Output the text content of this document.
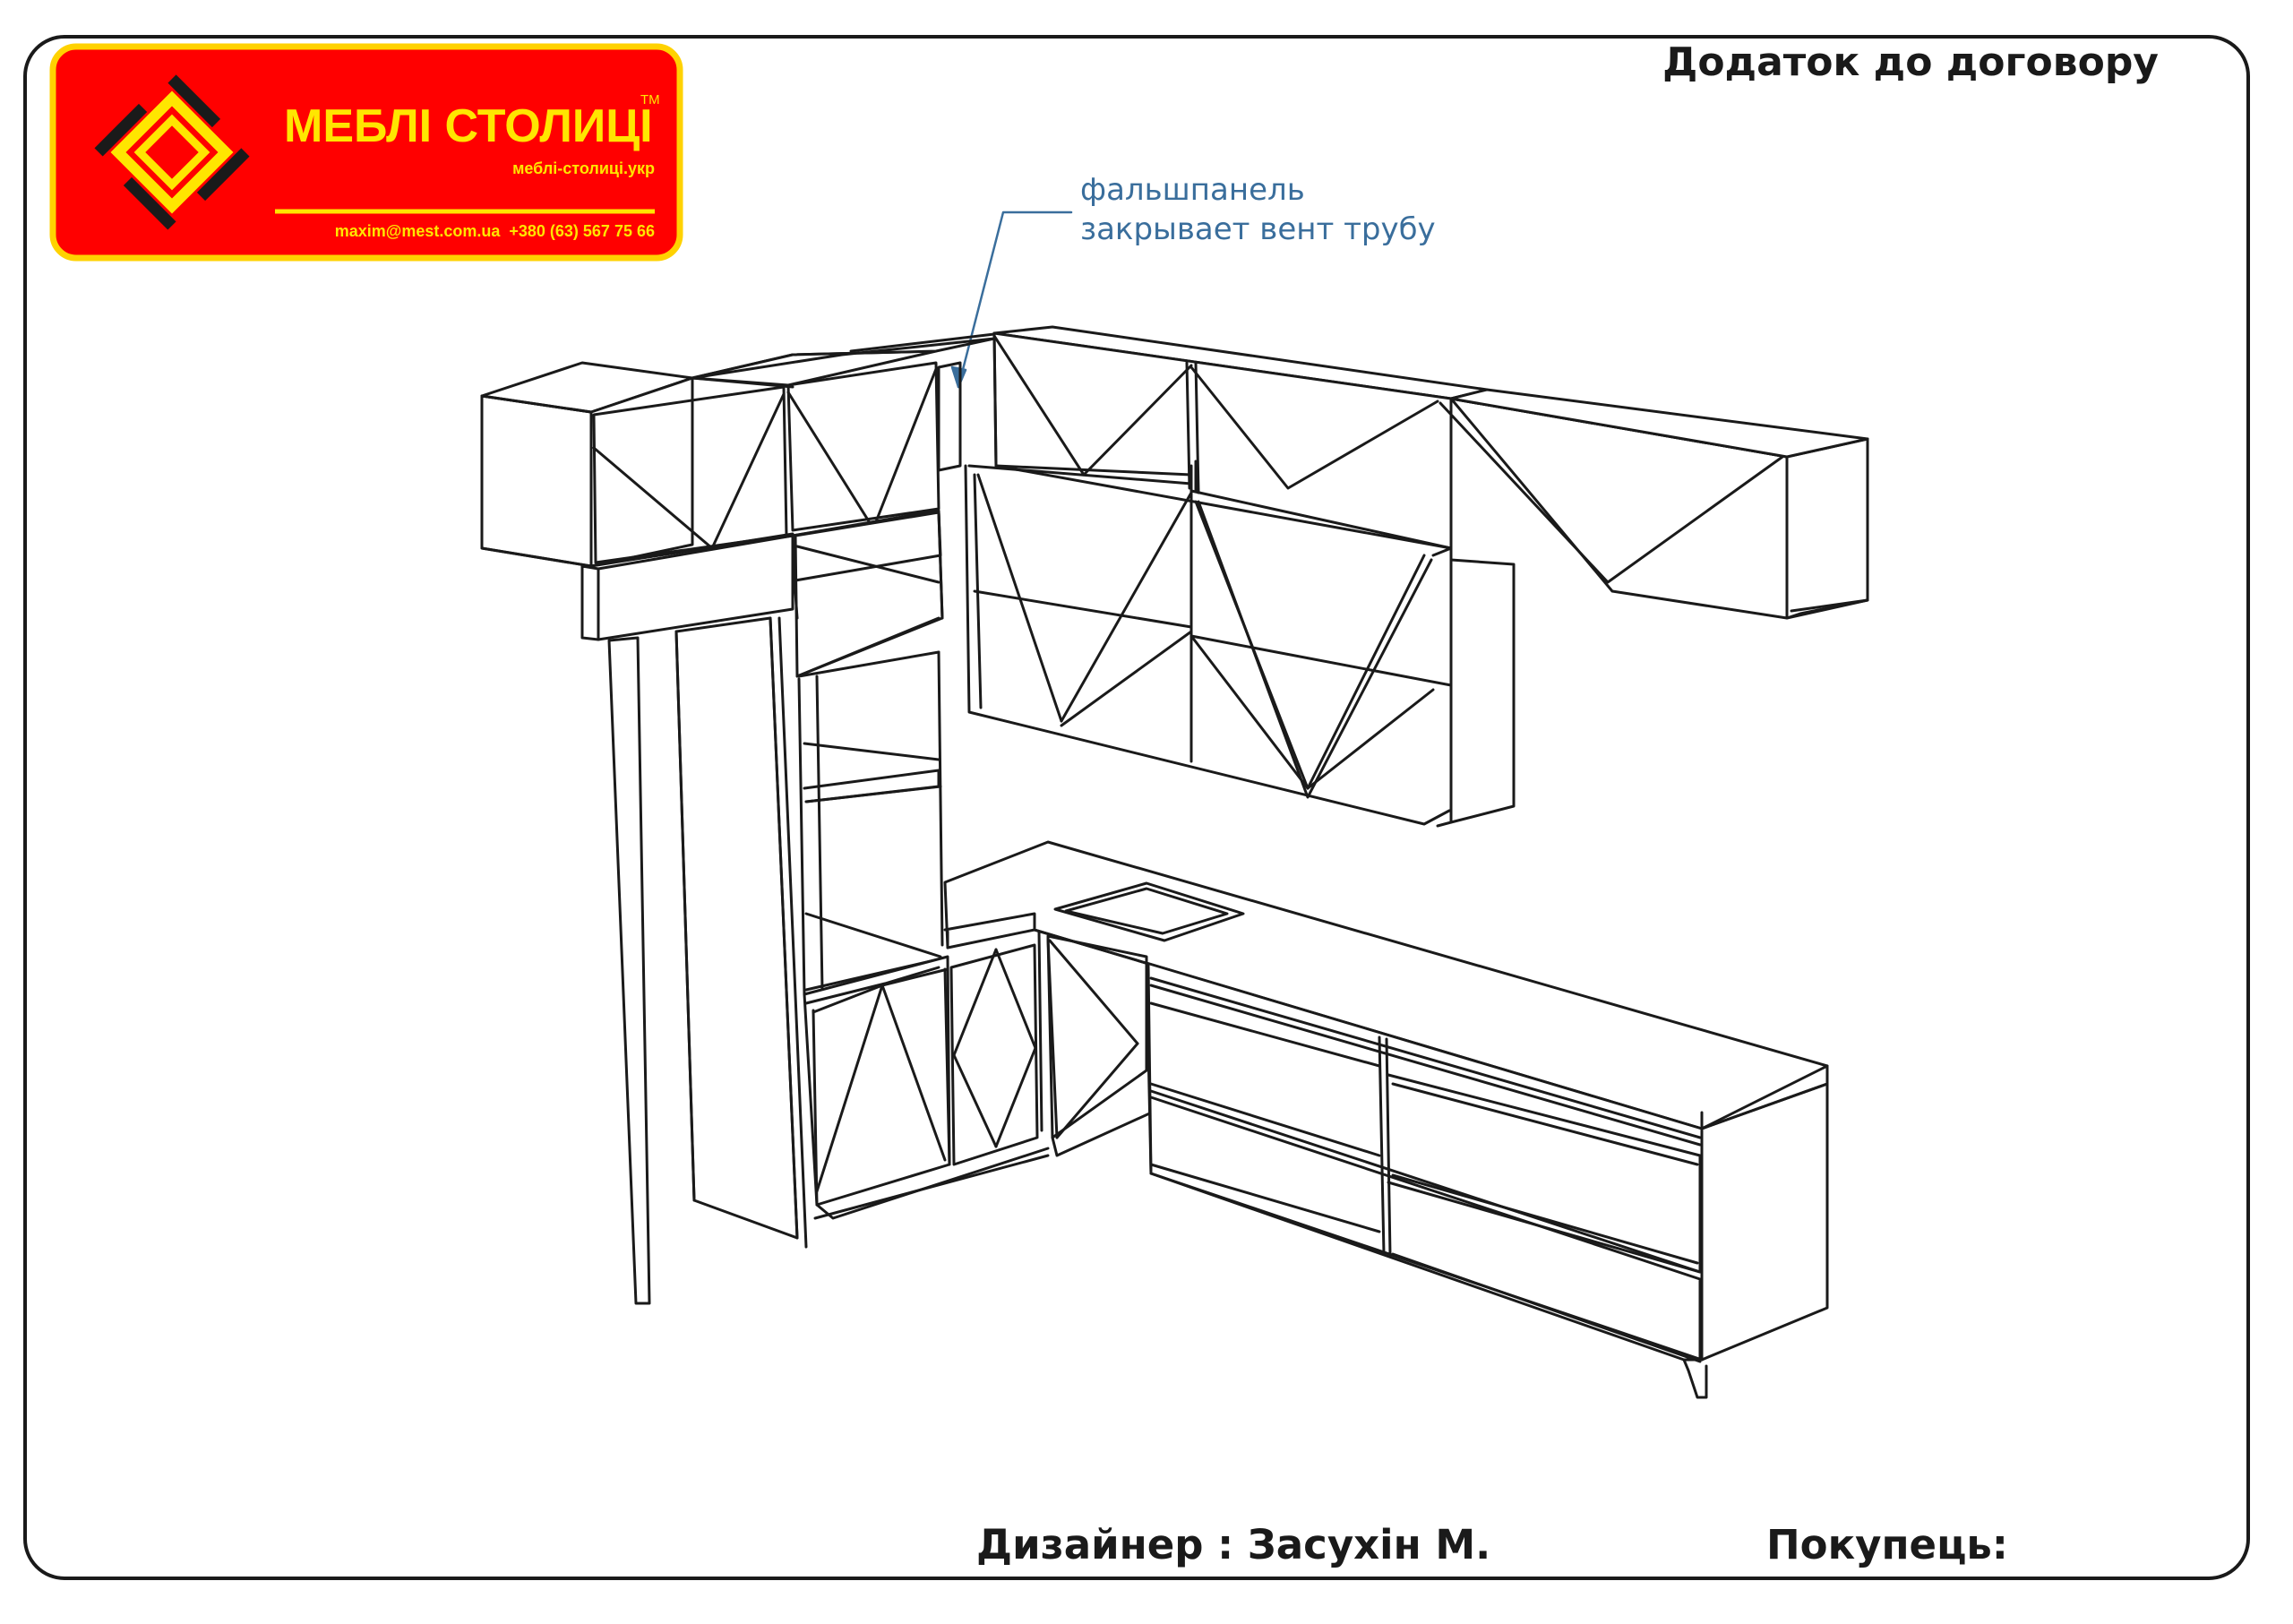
МЕБЛІ СТОЛИЦІ
TM
меблі-столиці.укр
maxim@mest.com.ua  +380 (63) 567 75 66
Додаток до договору
фальшпанель
закрывает вент трубу
Дизайнер : Засухін М.	Покупець:
